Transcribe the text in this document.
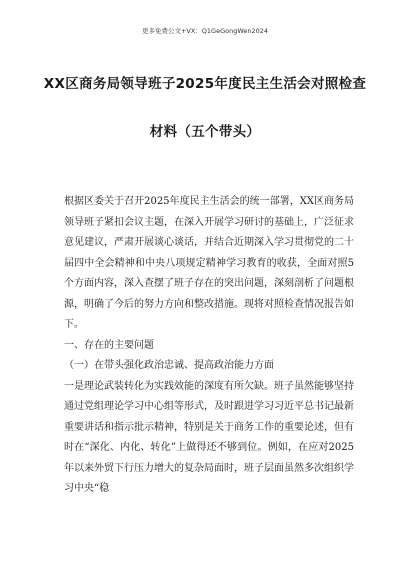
更多免费公文+VX：Q1GeGongWen2024
XX区商务局领导班子2025年度民主生活会对照检查
材料（五个带头）

根据区委关于召开2025年度民主生活会的统一部署，XX区商务局领导班子紧扣会议主题，在深入开展学习研讨的基础上，广泛征求意见建议，严肃开展谈心谈话，并结合近期深入学习贯彻党的二十届四中全会精神和中央八项规定精神学习教育的收获，全面对照5个方面内容，深入查摆了班子存在的突出问题，深刻剖析了问题根源，明确了今后的努力方向和整改措施。现将对照检查情况报告如下。

一、存在的主要问题

（一）在带头强化政治忠诚、提高政治能力方面

一是理论武装转化为实践效能的深度有所欠缺。班子虽然能够坚持通过党组理论学习中心组等形式，及时跟进学习习近平总书记最新重要讲话和指示批示精神，特别是关于商务工作的重要论述，但有时在“深化、内化、转化”上做得还不够到位。例如，在应对2025年以来外贸下行压力增大的复杂局面时，班子层面虽然多次组织学习中央“稳
